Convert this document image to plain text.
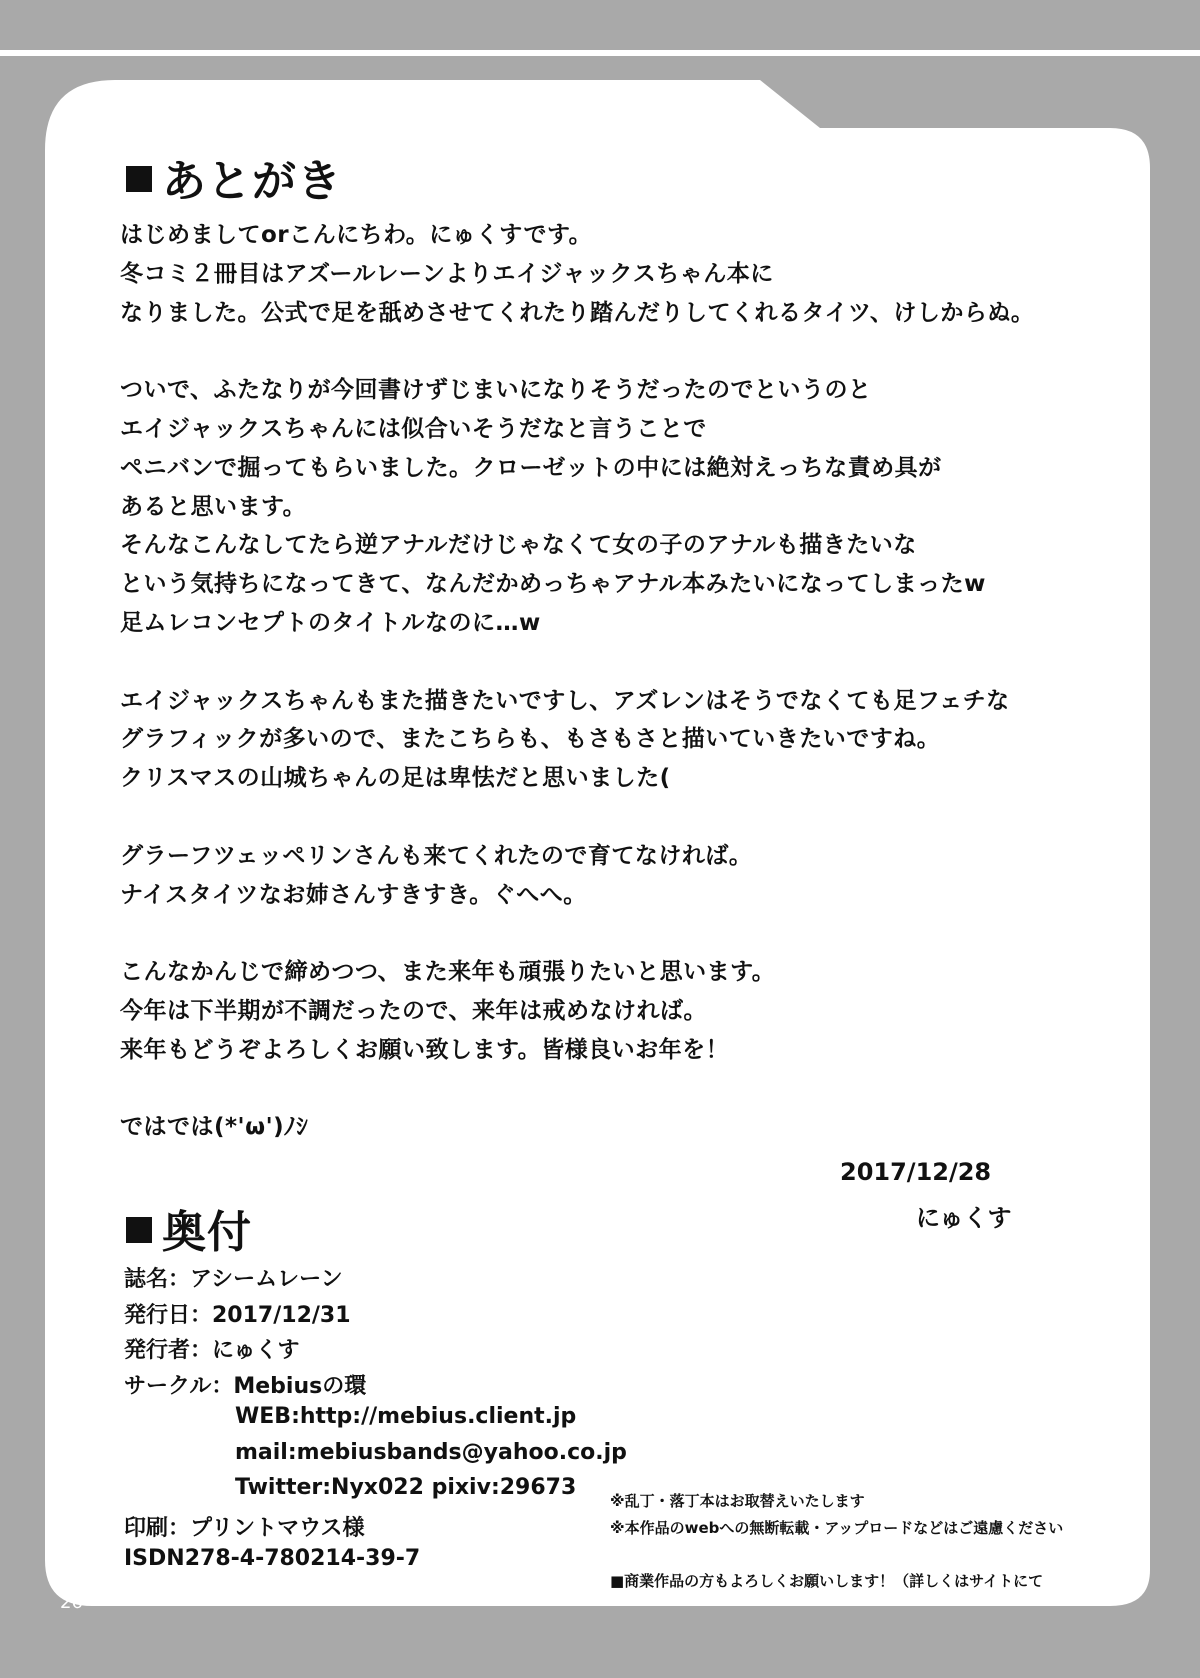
あとがき
はじめましてorこんにちわ。にゅくすです。
冬コミ２冊目はアズールレーンよりエイジャックスちゃん本に
なりました。公式で足を舐めさせてくれたり踏んだりしてくれるタイツ、けしからぬ。
ついで、ふたなりが今回書けずじまいになりそうだったのでというのと
エイジャックスちゃんには似合いそうだなと言うことで
ペニバンで掘ってもらいました。クローゼットの中には絶対えっちな責め具が
あると思います。
そんなこんなしてたら逆アナルだけじゃなくて女の子のアナルも描きたいな
という気持ちになってきて、なんだかめっちゃアナル本みたいになってしまったw
足ムレコンセプトのタイトルなのに…w
エイジャックスちゃんもまた描きたいですし、アズレンはそうでなくても足フェチな
グラフィックが多いので、またこちらも、もさもさと描いていきたいですね。
クリスマスの山城ちゃんの足は卑怯だと思いました(
グラーフツェッペリンさんも来てくれたので育てなければ。
ナイスタイツなお姉さんすきすき。ぐへへ。
こんなかんじで締めつつ、また来年も頑張りたいと思います。
今年は下半期が不調だったので、来年は戒めなければ。
来年もどうぞよろしくお願い致します。皆様良いお年を！
ではでは(*'ω')ﾉｼ
2017/12/28
にゅくす
奥付
誌名：アシームレーン
発行日：2017/12/31
発行者：にゅくす
サークル：Mebiusの環
WEB:http://mebius.client.jp
mail:mebiusbands@yahoo.co.jp
Twitter:Nyx022 pixiv:29673
印刷：プリントマウス様
ISDN278-4-780214-39-7
※乱丁・落丁本はお取替えいたします
※本作品のwebへの無断転載・アップロードなどはご遠慮ください
■商業作品の方もよろしくお願いします！（詳しくはサイトにて
26
